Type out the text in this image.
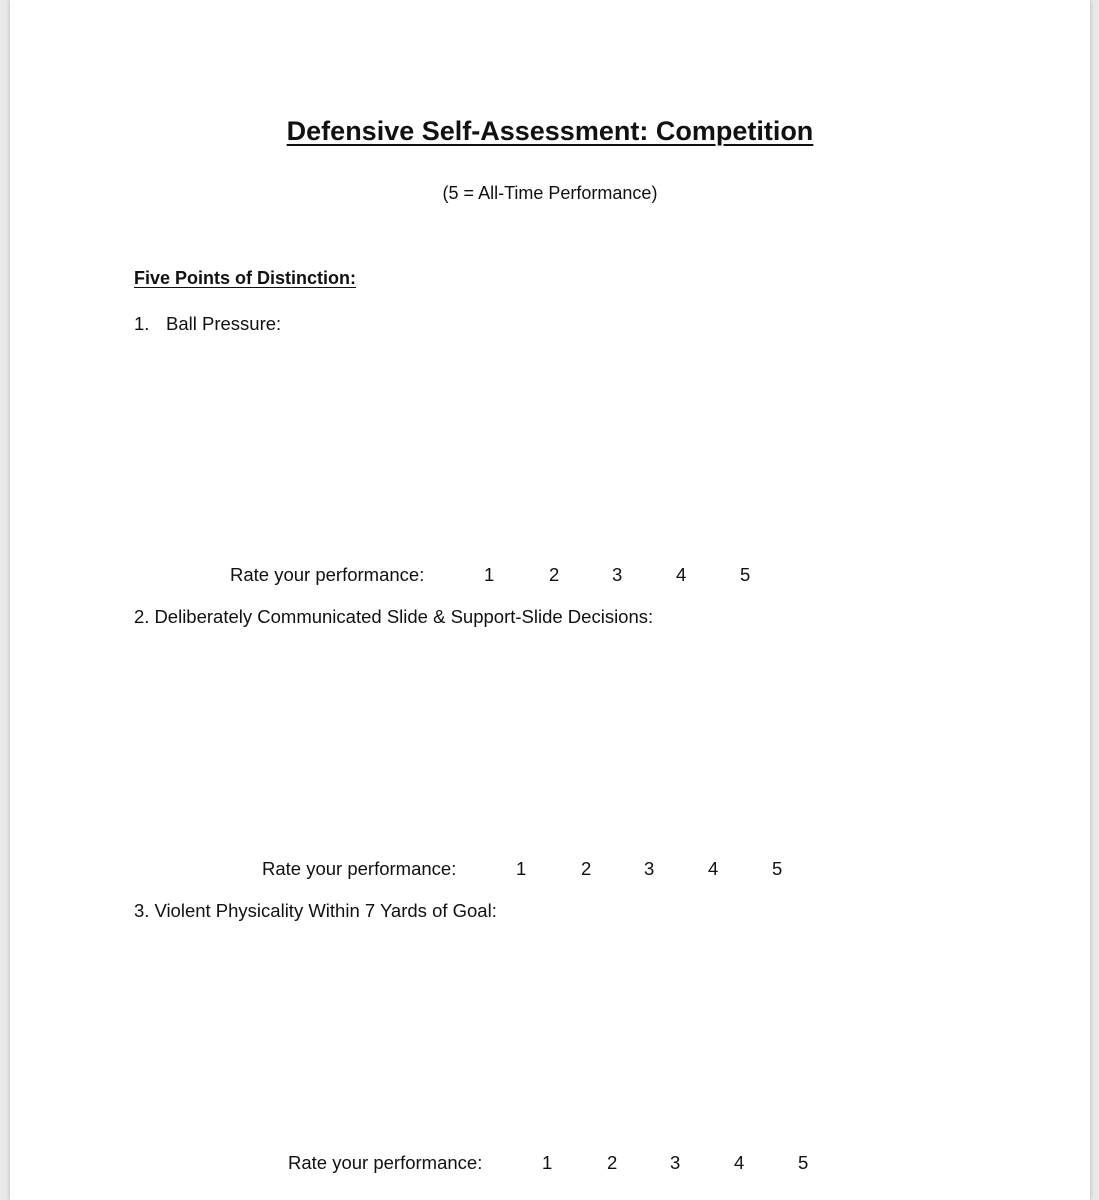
Defensive Self-Assessment: Competition
(5 = All-Time Performance)
Five Points of Distinction:
1. Ball Pressure:
Rate your performance:	1	2	3	4	5
2. Deliberately Communicated Slide & Support-Slide Decisions:
Rate your performance:	1	2	3	4	5
3. Violent Physicality Within 7 Yards of Goal:
Rate your performance:	1	2	3	4	5
